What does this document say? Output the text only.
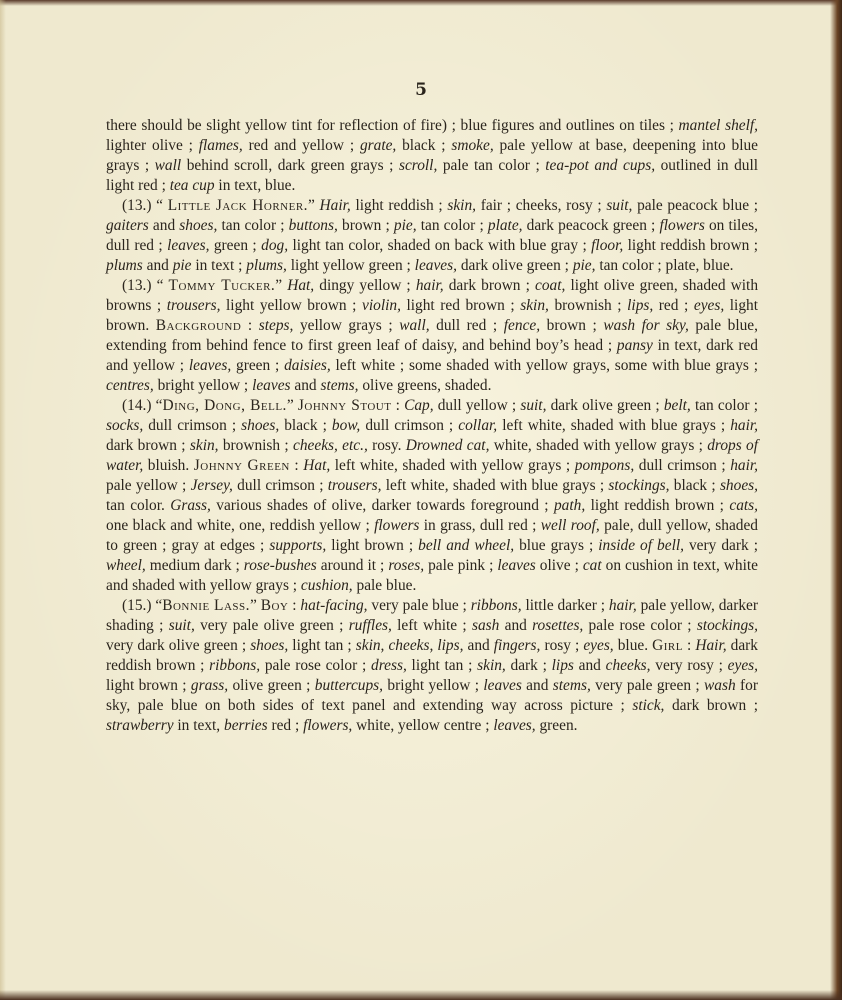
5

there should be slight yellow tint for reflection of fire) ; blue figures and outlines on tiles ; mantel shelf, lighter olive ; flames, red and yellow ; grate, black ; smoke, pale yellow at base, deepening into blue grays ; wall behind scroll, dark green grays ; scroll, pale tan color ; tea-pot and cups, outlined in dull light red ; tea cup in text, blue.

(13.) “ Little Jack Horner.” Hair, light reddish ; skin, fair ; cheeks, rosy ; suit, pale peacock blue ; gaiters and shoes, tan color ; buttons, brown ; pie, tan color ; plate, dark peacock green ; flowers on tiles, dull red ; leaves, green ; dog, light tan color, shaded on back with blue gray ; floor, light reddish brown ; plums and pie in text ; plums, light yellow green ; leaves, dark olive green ; pie, tan color ; plate, blue.

(13.) “ Tommy Tucker.” Hat, dingy yellow ; hair, dark brown ; coat, light olive green, shaded with browns ; trousers, light yellow brown ; violin, light red brown ; skin, brownish ; lips, red ; eyes, light brown. Background : steps, yellow grays ; wall, dull red ; fence, brown ; wash for sky, pale blue, extending from behind fence to first green leaf of daisy, and behind boy’s head ; pansy in text, dark red and yellow ; leaves, green ; daisies, left white ; some shaded with yellow grays, some with blue grays ; centres, bright yellow ; leaves and stems, olive greens, shaded.

(14.) “Ding, Dong, Bell.” Johnny Stout : Cap, dull yellow ; suit, dark olive green ; belt, tan color ; socks, dull crimson ; shoes, black ; bow, dull crimson ; collar, left white, shaded with blue grays ; hair, dark brown ; skin, brownish ; cheeks, etc., rosy. Drowned cat, white, shaded with yellow grays ; drops of water, bluish. Johnny Green : Hat, left white, shaded with yellow grays ; pompons, dull crimson ; hair, pale yellow ; Jersey, dull crimson ; trousers, left white, shaded with blue grays ; stockings, black ; shoes, tan color. Grass, various shades of olive, darker towards foreground ; path, light reddish brown ; cats, one black and white, one, reddish yellow ; flowers in grass, dull red ; well roof, pale, dull yellow, shaded to green ; gray at edges ; supports, light brown ; bell and wheel, blue grays ; inside of bell, very dark ; wheel, medium dark ; rose-bushes around it ; roses, pale pink ; leaves olive ; cat on cushion in text, white and shaded with yellow grays ; cushion, pale blue.

(15.) “Bonnie Lass.” Boy : hat-facing, very pale blue ; ribbons, little darker ; hair, pale yellow, darker shading ; suit, very pale olive green ; ruffles, left white ; sash and rosettes, pale rose color ; stockings, very dark olive green ; shoes, light tan ; skin, cheeks, lips, and fingers, rosy ; eyes, blue. Girl : Hair, dark reddish brown ; ribbons, pale rose color ; dress, light tan ; skin, dark ; lips and cheeks, very rosy ; eyes, light brown ; grass, olive green ; buttercups, bright yellow ; leaves and stems, very pale green ; wash for sky, pale blue on both sides of text panel and extending way across picture ; stick, dark brown ; strawberry in text, berries red ; flowers, white, yellow centre ; leaves, green.
